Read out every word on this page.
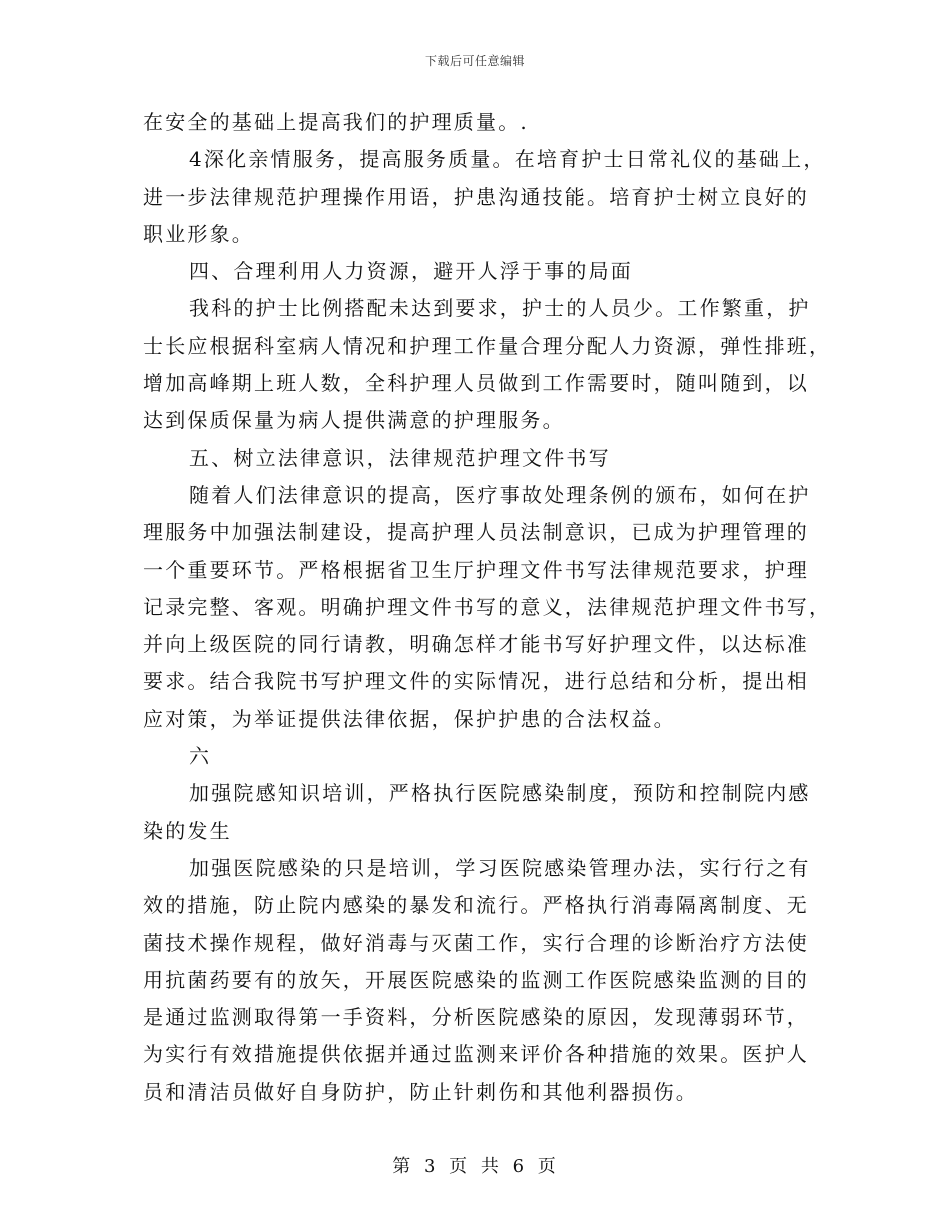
下载后可任意编辑
在安全的基础上提高我们的护理质量。.
4深化亲情服务，提高服务质量。在培育护士日常礼仪的基础上，
进一步法律规范护理操作用语，护患沟通技能。培育护士树立良好的
职业形象。
四、合理利用人力资源，避开人浮于事的局面
我科的护士比例搭配未达到要求，护士的人员少。工作繁重，护
士长应根据科室病人情况和护理工作量合理分配人力资源，弹性排班，
增加高峰期上班人数，全科护理人员做到工作需要时，随叫随到，以
达到保质保量为病人提供满意的护理服务。
五、树立法律意识，法律规范护理文件书写
随着人们法律意识的提高，医疗事故处理条例的颁布，如何在护
理服务中加强法制建设，提高护理人员法制意识，已成为护理管理的
一个重要环节。严格根据省卫生厅护理文件书写法律规范要求，护理
记录完整、客观。明确护理文件书写的意义，法律规范护理文件书写，
并向上级医院的同行请教，明确怎样才能书写好护理文件，以达标准
要求。结合我院书写护理文件的实际情况，进行总结和分析，提出相
应对策，为举证提供法律依据，保护护患的合法权益。
六
加强院感知识培训，严格执行医院感染制度，预防和控制院内感
染的发生
加强医院感染的只是培训，学习医院感染管理办法，实行行之有
效的措施，防止院内感染的暴发和流行。严格执行消毒隔离制度、无
菌技术操作规程，做好消毒与灭菌工作，实行合理的诊断治疗方法使
用抗菌药要有的放矢，开展医院感染的监测工作医院感染监测的目的
是通过监测取得第一手资料，分析医院感染的原因，发现薄弱环节，
为实行有效措施提供依据并通过监测来评价各种措施的效果。医护人
员和清洁员做好自身防护，防止针刺伤和其他利器损伤。
第 3 页 共 6 页
